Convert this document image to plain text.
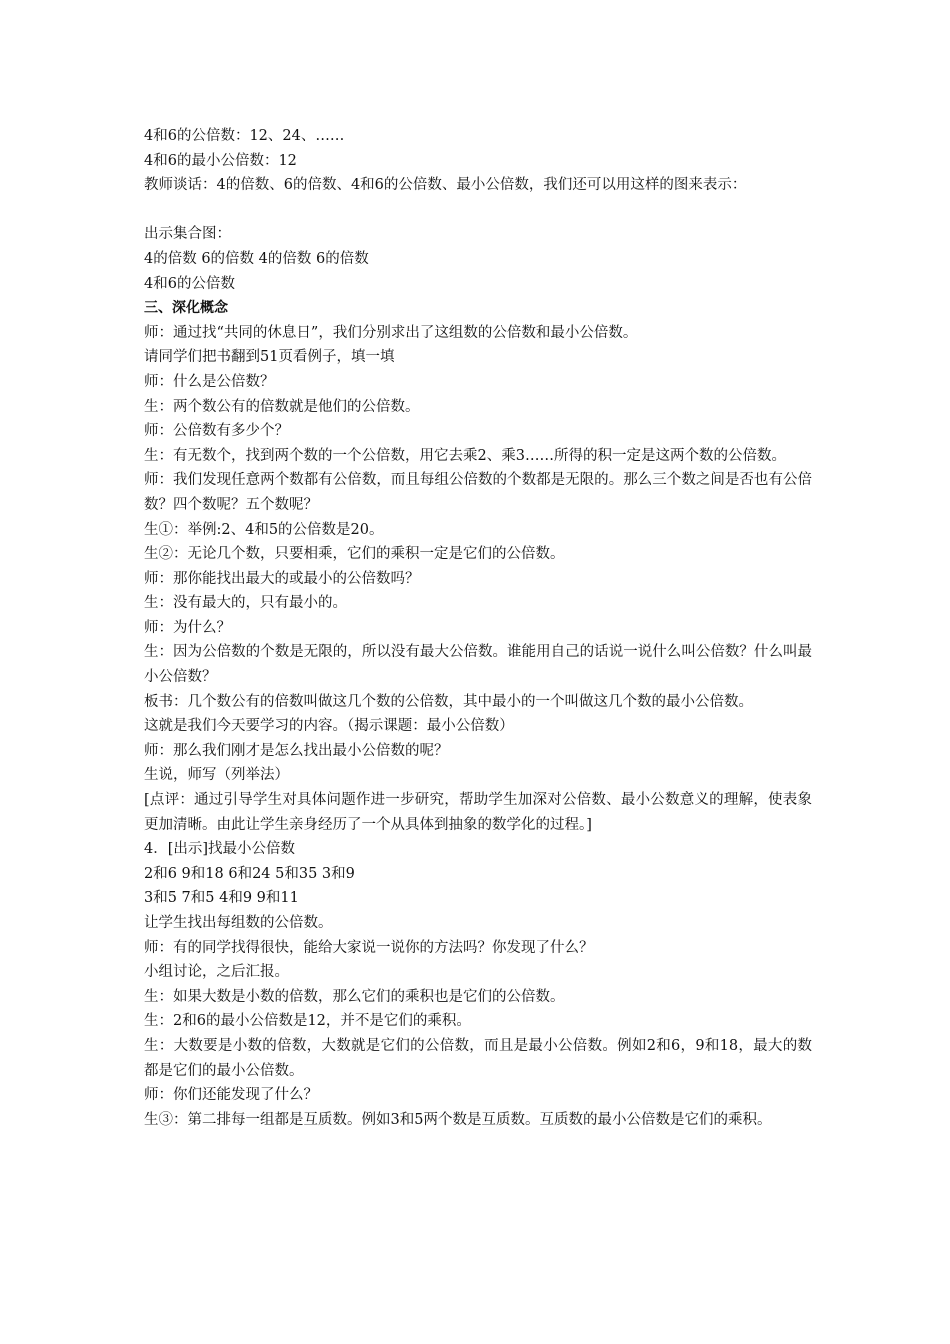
4和6的公倍数：12、24、……

4和6的最小公倍数：12

教师谈话：4的倍数、6的倍数、4和6的公倍数、最小公倍数，我们还可以用这样的图来表示：

出示集合图：

4的倍数 6的倍数 4的倍数 6的倍数

4和6的公倍数

三、深化概念

师：通过找“共同的休息日”，我们分别求出了这组数的公倍数和最小公倍数。

请同学们把书翻到51页看例子，填一填

师：什么是公倍数？

生：两个数公有的倍数就是他们的公倍数。

师：公倍数有多少个？

生：有无数个，找到两个数的一个公倍数，用它去乘2、乘3……所得的积一定是这两个数的公倍数。

师：我们发现任意两个数都有公倍数，而且每组公倍数的个数都是无限的。那么三个数之间是否也有公倍数？四个数呢？五个数呢？

生①：举例:2、4和5的公倍数是20。

生②：无论几个数，只要相乘，它们的乘积一定是它们的公倍数。

师：那你能找出最大的或最小的公倍数吗？

生：没有最大的，只有最小的。

师：为什么？

生：因为公倍数的个数是无限的，所以没有最大公倍数。谁能用自己的话说一说什么叫公倍数？什么叫最小公倍数？

板书：几个数公有的倍数叫做这几个数的公倍数，其中最小的一个叫做这几个数的最小公倍数。

这就是我们今天要学习的内容。（揭示课题：最小公倍数）

师：那么我们刚才是怎么找出最小公倍数的呢？

生说，师写（列举法）

[点评：通过引导学生对具体问题作进一步研究，帮助学生加深对公倍数、最小公数意义的理解，使表象更加清晰。由此让学生亲身经历了一个从具体到抽象的数学化的过程。]

4．[出示]找最小公倍数

2和6 9和18 6和24 5和35 3和9

3和5 7和5 4和9 9和11

让学生找出每组数的公倍数。

师：有的同学找得很快，能给大家说一说你的方法吗？你发现了什么？

小组讨论，之后汇报。

生：如果大数是小数的倍数，那么它们的乘积也是它们的公倍数。

生：2和6的最小公倍数是12，并不是它们的乘积。

生：大数要是小数的倍数，大数就是它们的公倍数，而且是最小公倍数。例如2和6，9和18，最大的数都是它们的最小公倍数。

师：你们还能发现了什么？

生③：第二排每一组都是互质数。例如3和5两个数是互质数。互质数的最小公倍数是它们的乘积。
